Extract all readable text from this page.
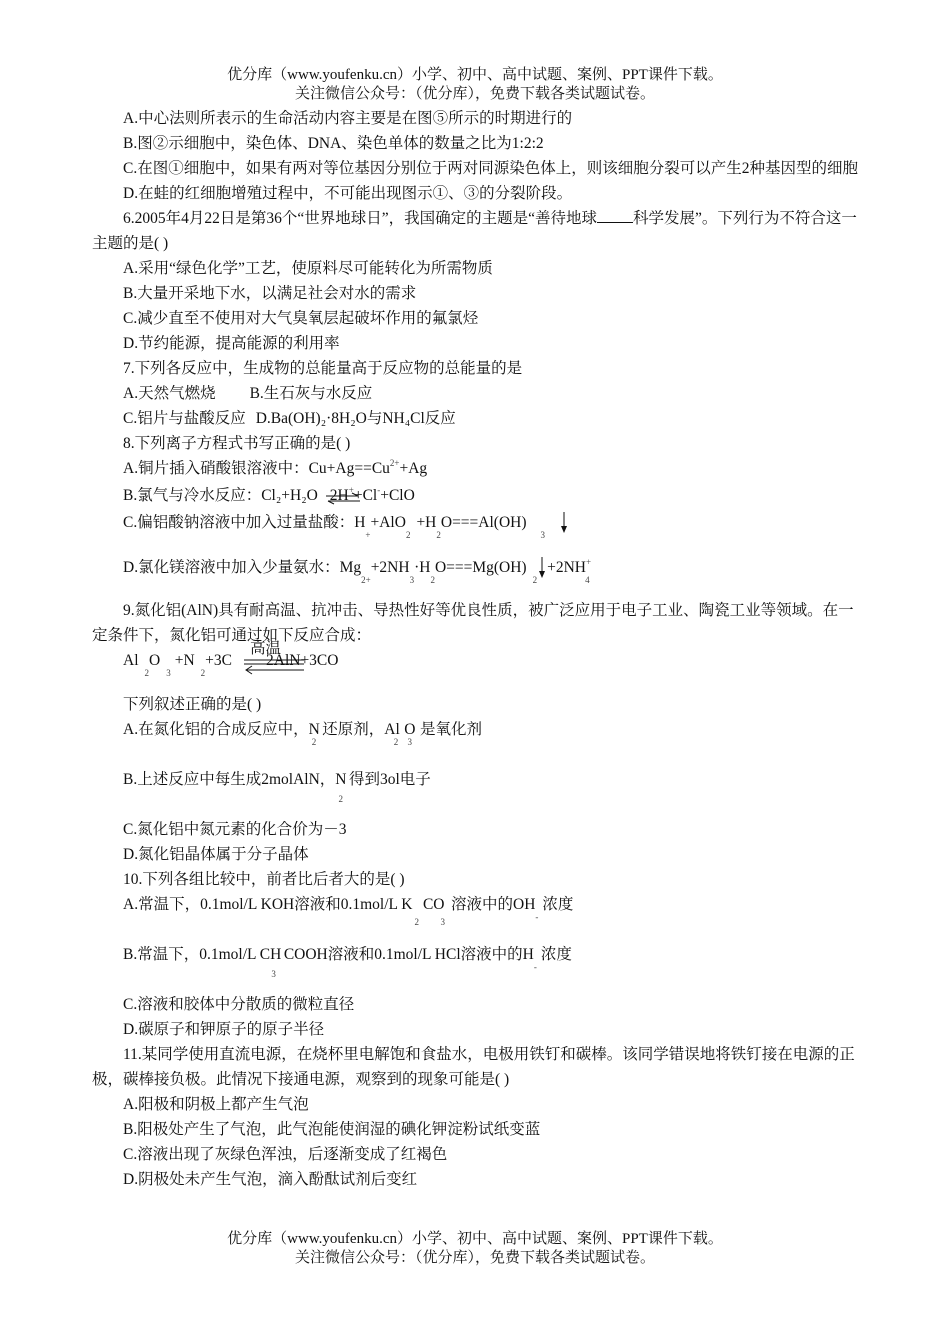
优分库（www.youfenku.cn）小学、初中、高中试题、案例、PPT课件下载。
关注微信公众号：（优分库），免费下载各类试题试卷。
A.中心法则所表示的生命活动内容主要是在图⑤所示的时期进行的
B.图②示细胞中，染色体、DNA、染色单体的数量之比为1:2:2
C.在图①细胞中，如果有两对等位基因分别位于两对同源染色体上，则该细胞分裂可以产生2种基因型的细胞
D.在蛙的红细胞增殖过程中，不可能出现图示①、③的分裂阶段。
6.2005年4月22日是第36个“世界地球日”，我国确定的主题是“善待地球 科学发展”。下列行为不符合这一主题的是( )
A.采用“绿色化学”工艺，使原料尽可能转化为所需物质
B.大量开采地下水，以满足社会对水的需求
C.减少直至不使用对大气臭氧层起破坏作用的氟氯烃
D.节约能源，提高能源的利用率
7.下列各反应中，生成物的总能量高于反应物的总能量的是
A.天然气燃烧 B.生石灰与水反应
C.铝片与盐酸反应 D.Ba(OH)₂·8H₂O与NH₄Cl反应
8.下列离子方程式书写正确的是( )
A.铜片插入硝酸银溶液中：$Cu+Ag==Cu^{2+}+Ag$
B.氯气与冷水反应：Cl₂+H₂O ⇌2H++Cl-+ClO
C.偏铝酸钠溶液中加入过量盐酸：$H_++AlO_2+H_2O===Al(OH)_3$
D.氯化镁溶液中加入少量氨水：$Mg_{2+}+2NH_3\cdot H_2O===Mg(OH)_2+2NH^+_4$
9.氮化铝(AlN)具有耐高温、抗冲击、导热性好等优良性质，被广泛应用于电子工业、陶瓷工业等领域。在一定条件下，氮化铝可通过如下反应合成：
$Al_2O_3+N_2+3C$
高温
2AlN+3CO
下列叙述正确的是( )
A.在氮化铝的合成反应中，$N_2$还原剂，$Al_2O_3$是氧化剂
B.上述反应中每生成2molAlN，$N_2$得到3ol电子
C.氮化铝中氮元素的化合价为－3
D.氮化铝晶体属于分子晶体
10.下列各组比较中，前者比后者大的是( )
A.常温下，0.1mol/L KOH溶液和0.1mol/L $K_2CO_3$溶液中的$OH_-$浓度
B.常温下，0.1mol/L $CH_3COOH$溶液和0.1mol/L HCl溶液中的$H_-$浓度
C.溶液和胶体中分散质的微粒直径
D.碳原子和钾原子的原子半径
11.某同学使用直流电源，在烧杯里电解饱和食盐水，电极用铁钉和碳棒。该同学错误地将铁钉接在电源的正极，碳棒接负极。此情况下接通电源，观察到的现象可能是( )
A.阳极和阴极上都产生气泡
B.阳极处产生了气泡，此气泡能使润湿的碘化钾淀粉试纸变蓝
C.溶液出现了灰绿色浑浊，后逐渐变成了红褐色
D.阴极处未产生气泡，滴入酚酞试剂后变红
优分库（www.youfenku.cn）小学、初中、高中试题、案例、PPT课件下载。
关注微信公众号：（优分库），免费下载各类试题试卷。
